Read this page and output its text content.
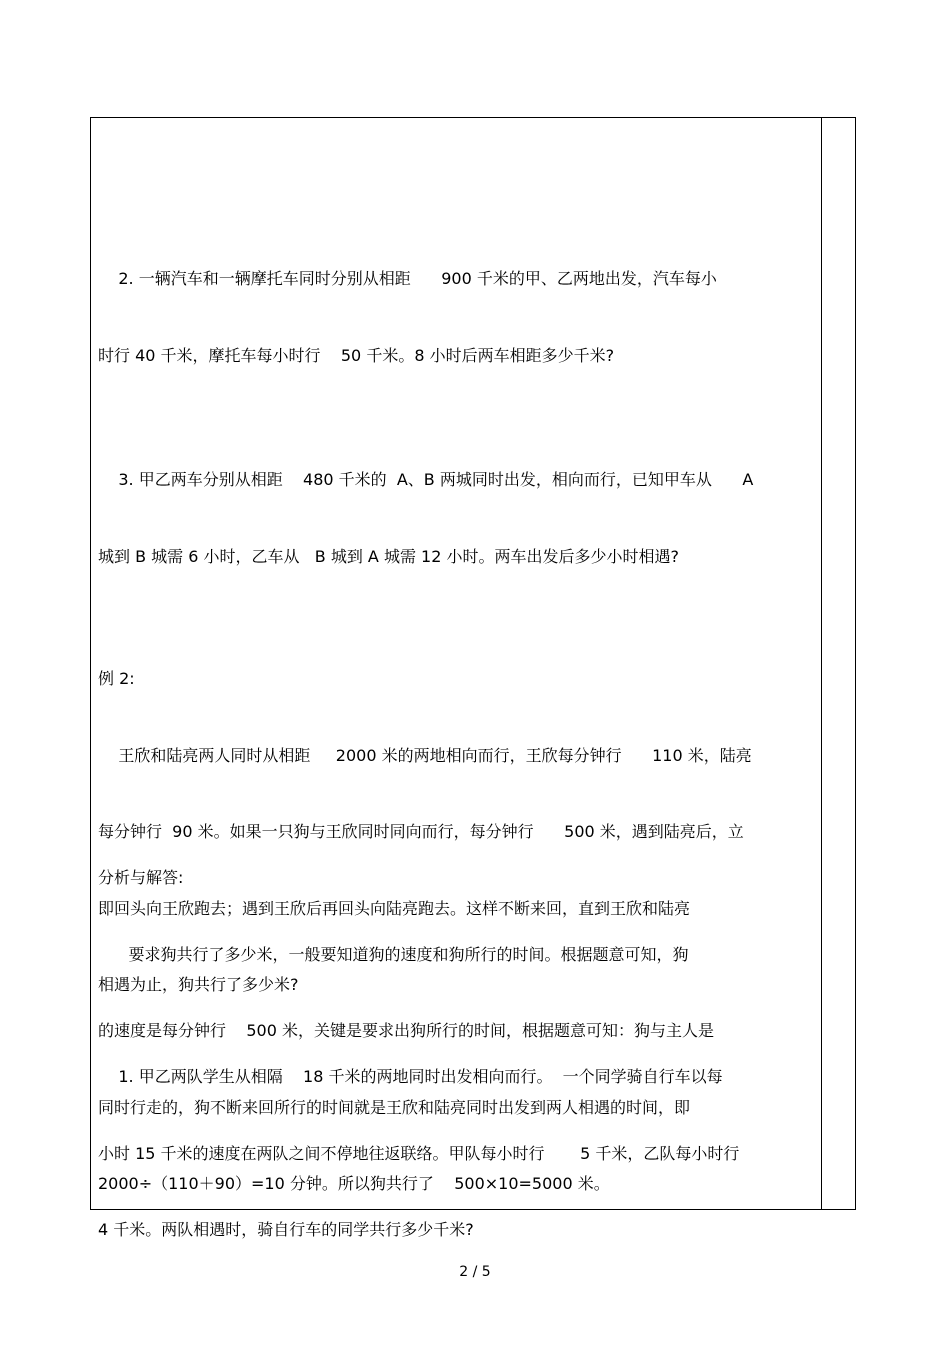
2. 一辆汽车和一辆摩托车同时分别从相距      900 千米的甲、乙两地出发，汽车每小

时行 40 千米，摩托车每小时行    50 千米。8 小时后两车相距多少千米?

3. 甲乙两车分别从相距    480 千米的  A、B 两城同时出发，相向而行，已知甲车从      A

城到 B 城需 6 小时，乙车从   B 城到 A 城需 12 小时。两车出发后多少小时相遇?

例 2:

王欣和陆亮两人同时从相距     2000 米的两地相向而行，王欣每分钟行      110 米，陆亮

每分钟行  90 米。如果一只狗与王欣同时同向而行，每分钟行      500 米，遇到陆亮后，立

即回头向王欣跑去；遇到王欣后再回头向陆亮跑去。这样不断来回，直到王欣和陆亮

相遇为止，狗共行了多少米?

分析与解答:

要求狗共行了多少米，一般要知道狗的速度和狗所行的时间。根据题意可知，狗

的速度是每分钟行    500 米，关键是要求出狗所行的时间，根据题意可知：狗与主人是

同时行走的，狗不断来回所行的时间就是王欣和陆亮同时出发到两人相遇的时间，即

2000÷（110＋90）=10 分钟。所以狗共行了    500×10=5000 米。

1. 甲乙两队学生从相隔    18 千米的两地同时出发相向而行。  一个同学骑自行车以每

小时 15 千米的速度在两队之间不停地往返联络。甲队每小时行       5 千米，乙队每小时行

4 千米。两队相遇时，骑自行车的同学共行多少千米?

2 / 5
